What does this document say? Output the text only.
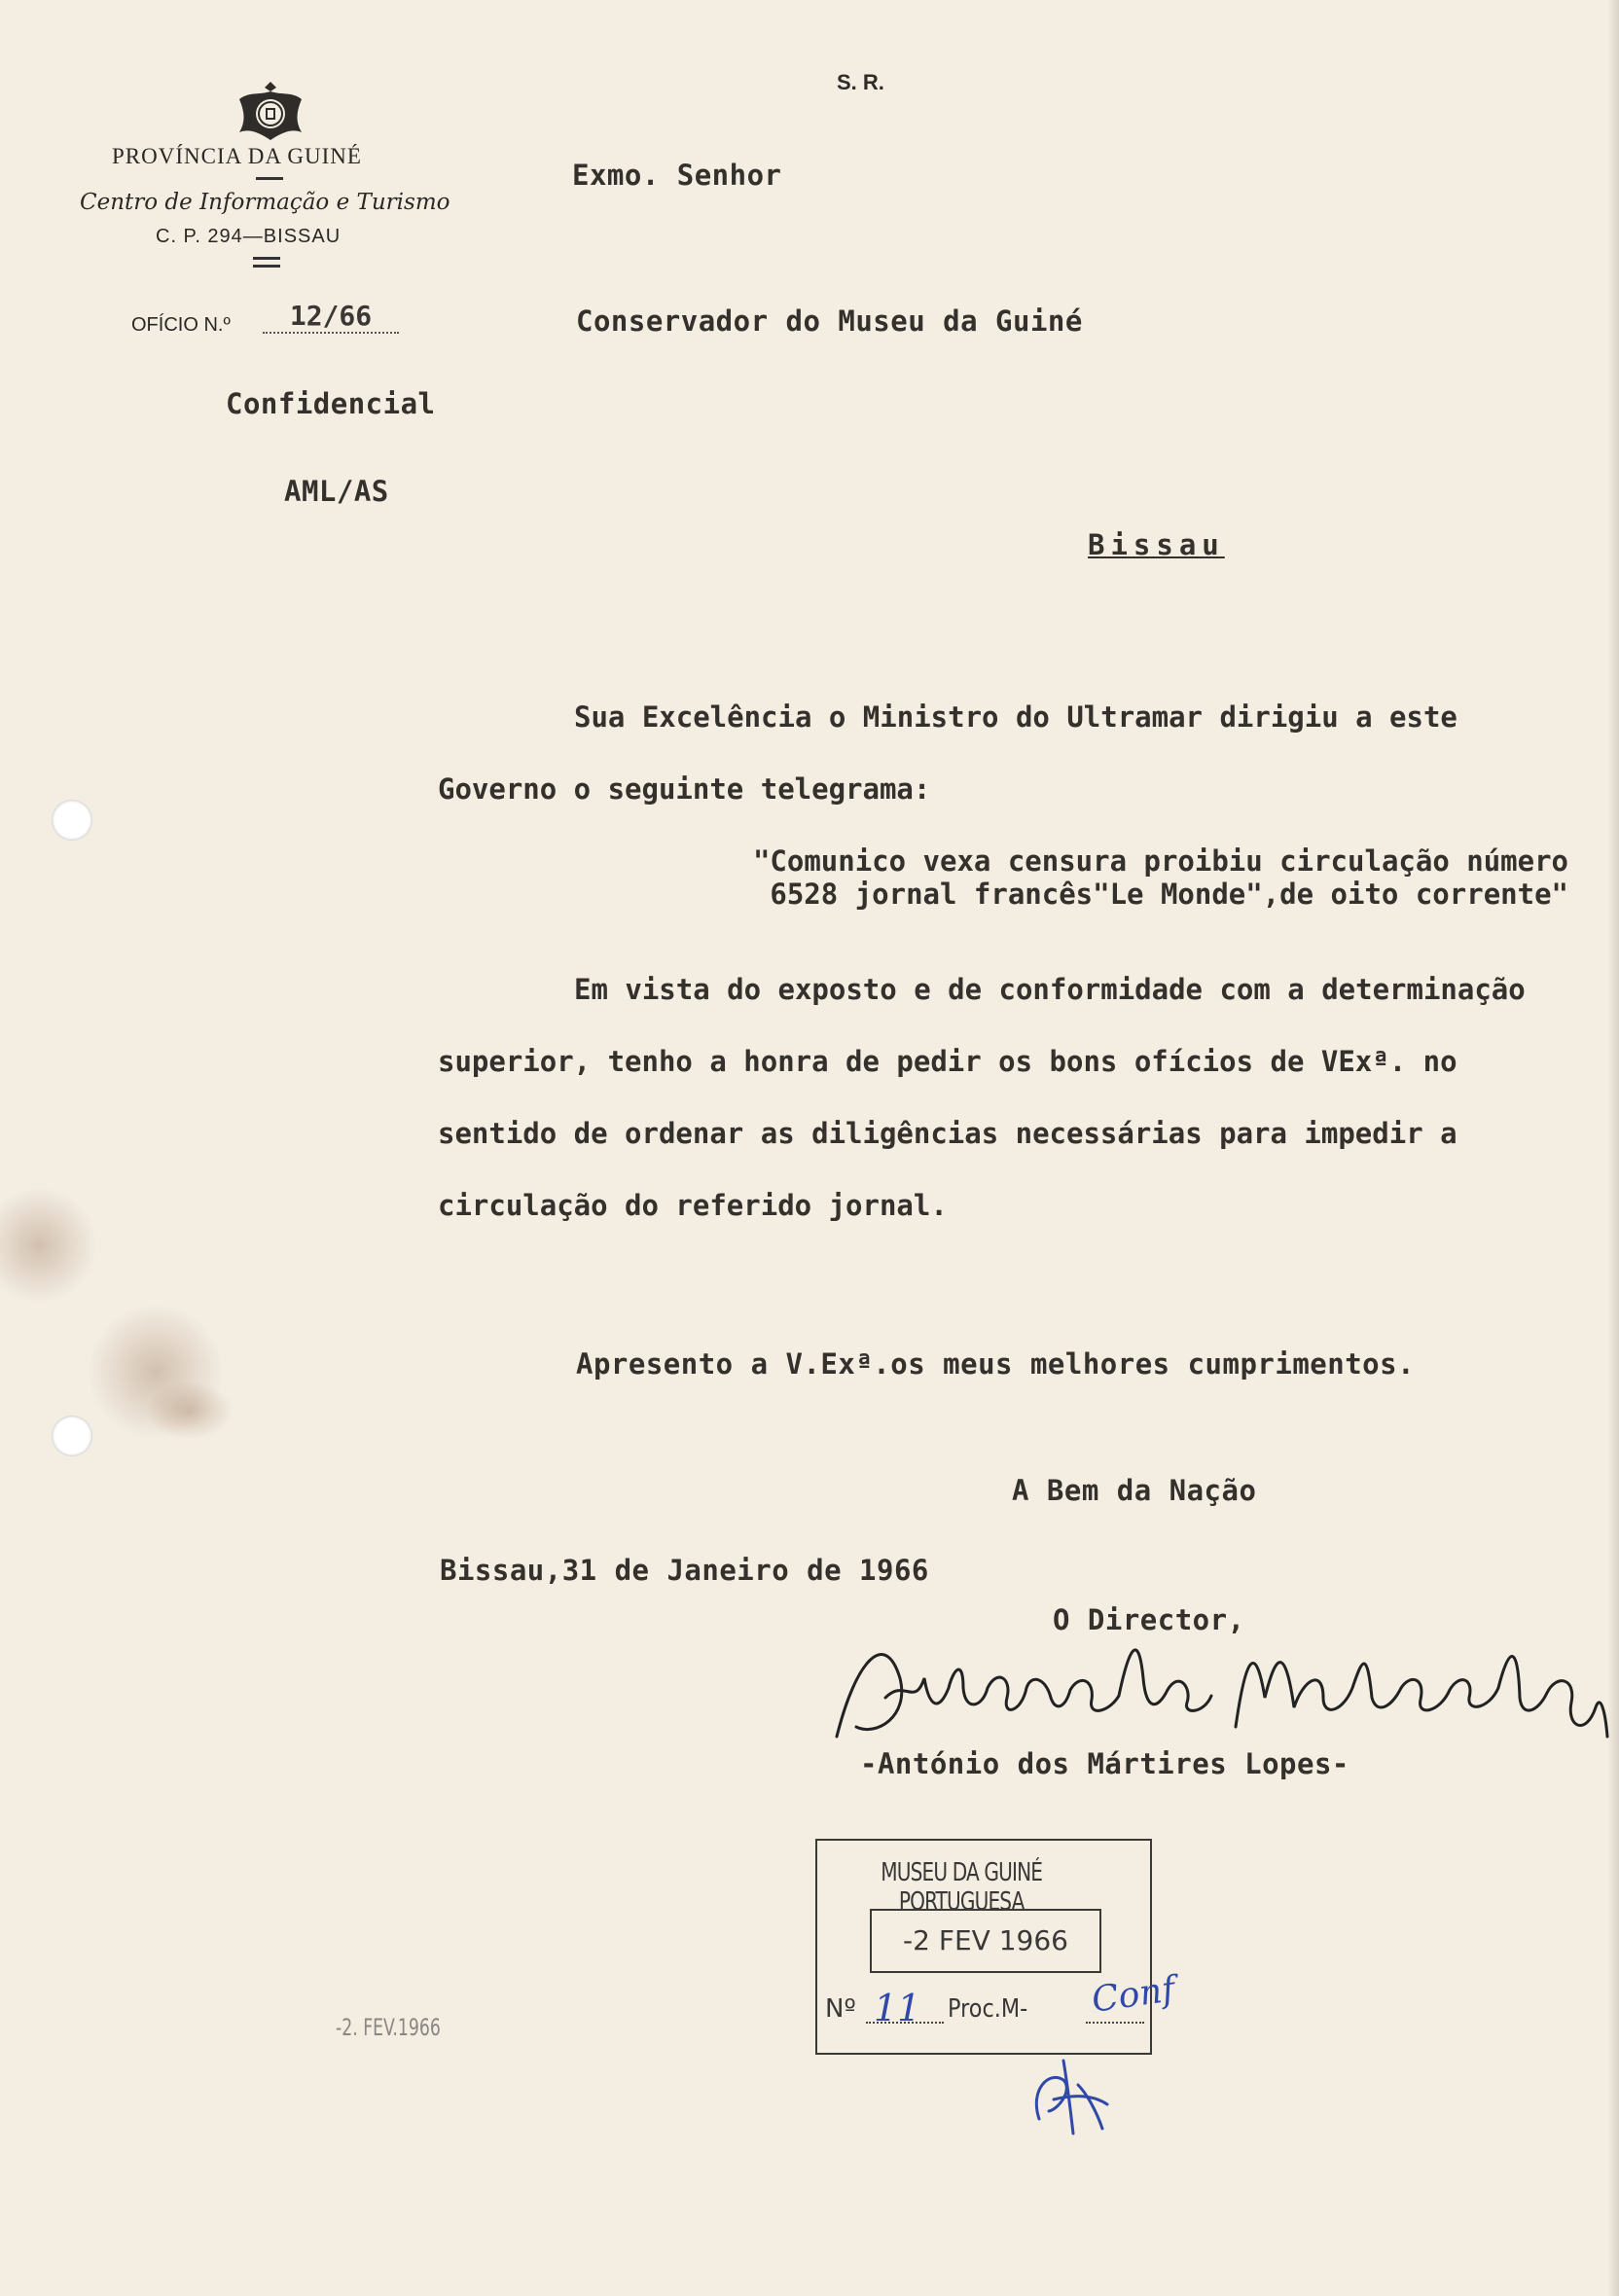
PROVÍNCIA DA GUINÉ
Centro de Informação e Turismo
C. P. 294—BISSAU
OFÍCIO N.º	12/66
S. R.
Exmo. Senhor
Conservador do Museu da Guiné
Confidencial
AML/AS
Bissau
Sua Excelência o Ministro do Ultramar dirigiu a este Governo o seguinte telegrama:
"Comunico vexa censura proibiu circulação número
6528 jornal francês"Le Monde",de oito corrente"
Em vista do exposto e de conformidade com a determinação superior, tenho a honra de pedir os bons ofícios de VExª. no sentido de ordenar as diligências necessárias para impedir a circulação do referido jornal.
Apresento a V.Exª.os meus melhores cumprimentos.
A Bem da Nação
Bissau,31 de Janeiro de 1966
O Director,
António dos Mártires Lopes -António dos Mártires Lopes-
MUSEU DA GUINÉ PORTUGUESA
-2 FEV 1966
Nº 11 Proc.M- Conf
-2. FEV.1966
